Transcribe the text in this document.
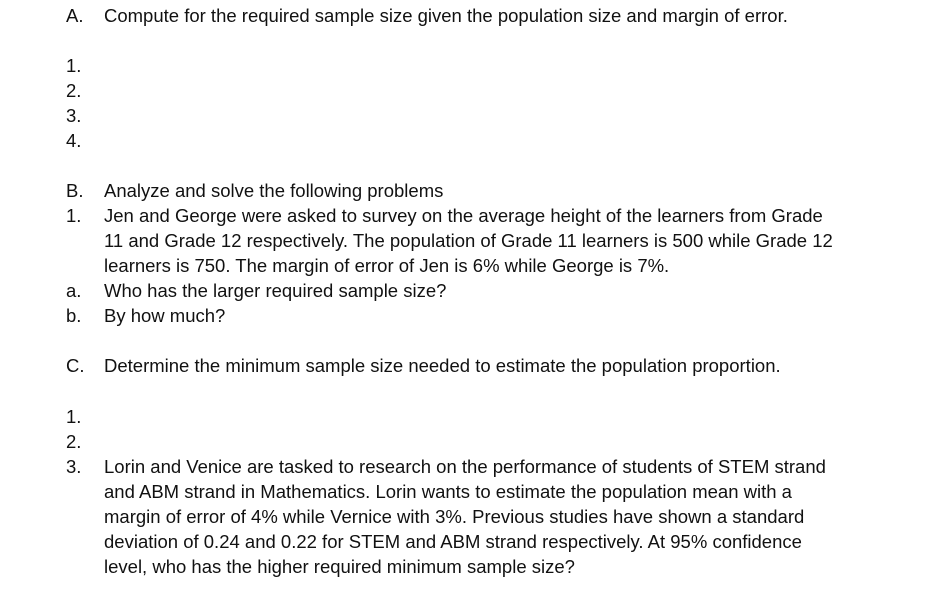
A. Compute for the required sample size given the population size and margin of error.
1.
2.
3.
4.
B. Analyze and solve the following problems
1. Jen and George were asked to survey on the average height of the learners from Grade
11 and Grade 12 respectively. The population of Grade 11 learners is 500 while Grade 12
learners is 750. The margin of error of Jen is 6% while George is 7%.
a. Who has the larger required sample size?
b. By how much?
C. Determine the minimum sample size needed to estimate the population proportion.
1.
2.
3. Lorin and Venice are tasked to research on the performance of students of STEM strand
and ABM strand in Mathematics. Lorin wants to estimate the population mean with a
margin of error of 4% while Vernice with 3%. Previous studies have shown a standard
deviation of 0.24 and 0.22 for STEM and ABM strand respectively. At 95% confidence
level, who has the higher required minimum sample size?
